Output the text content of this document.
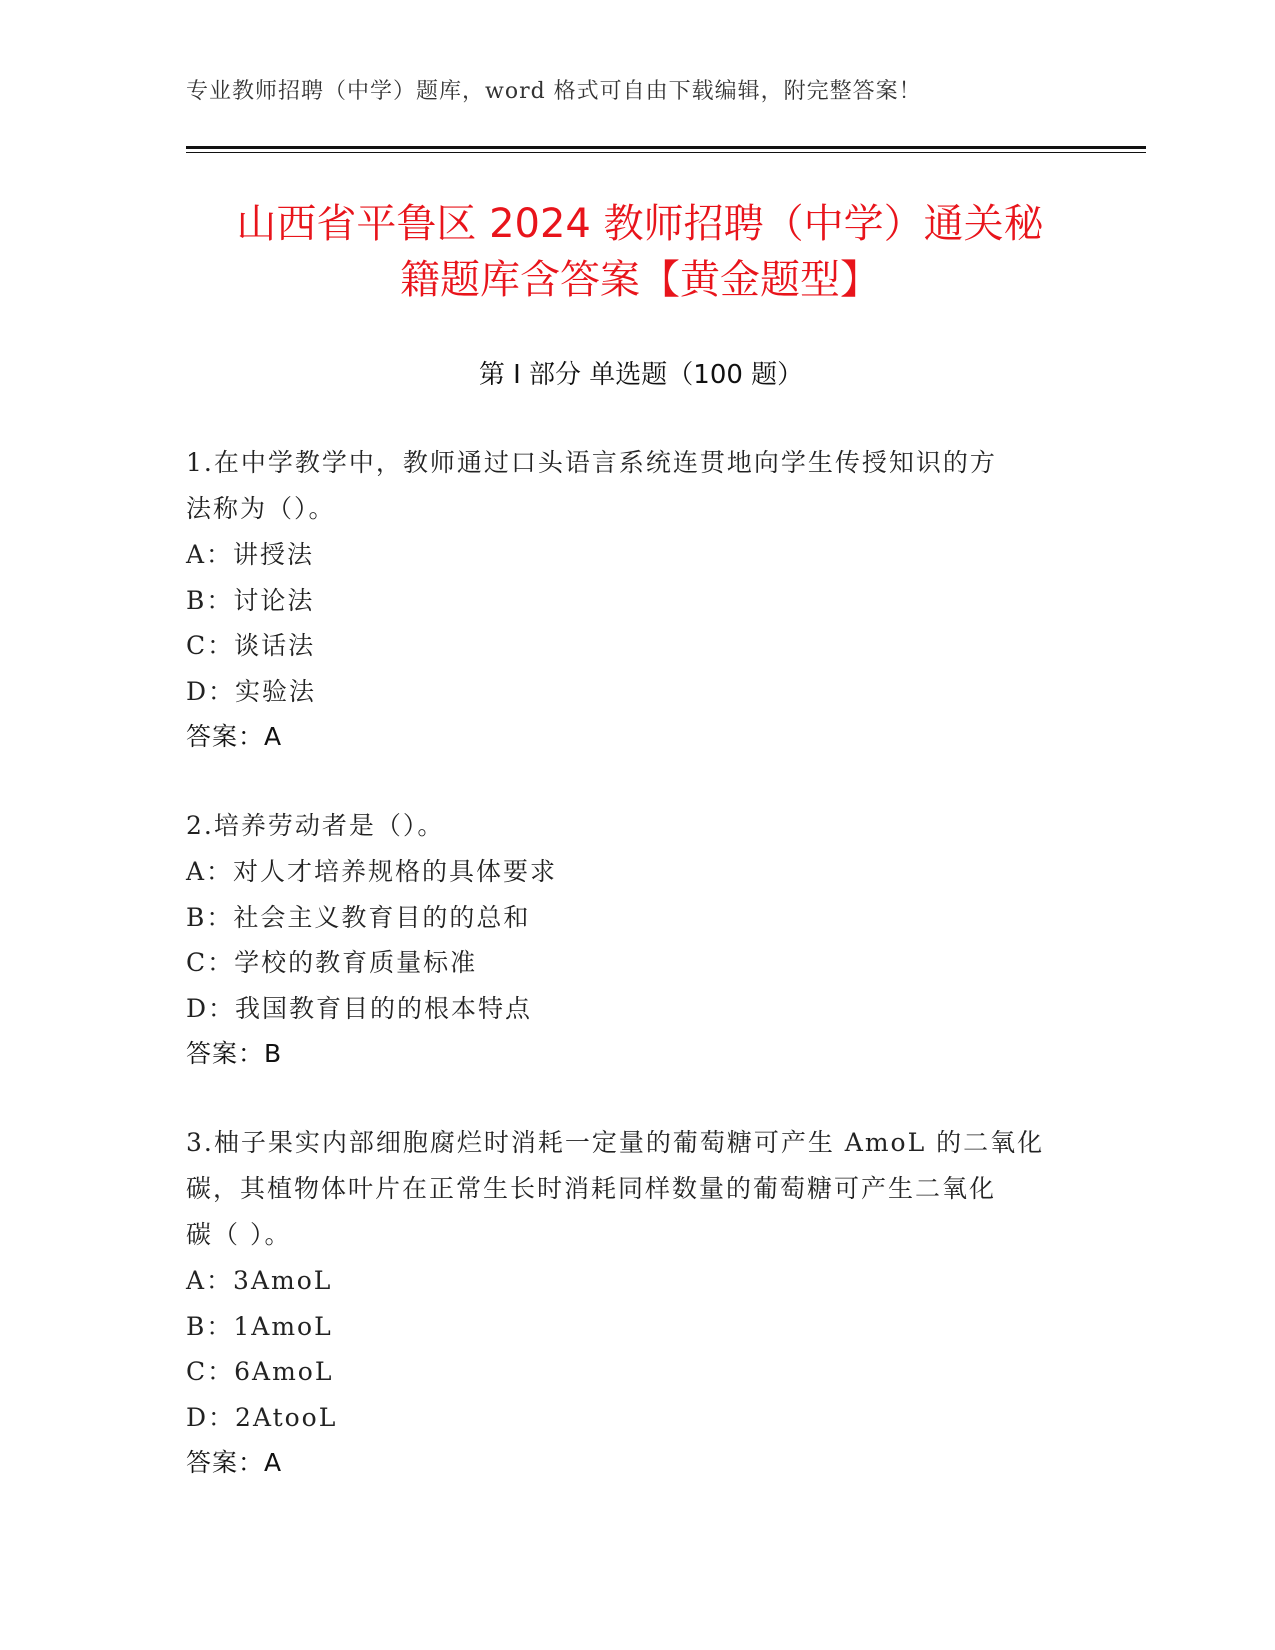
专业教师招聘（中学）题库，word 格式可自由下载编辑，附完整答案！
山西省平鲁区 2024 教师招聘（中学）通关秘
籍题库含答案【黄金题型】
第 I 部分 单选题（100 题）
1.在中学教学中，教师通过口头语言系统连贯地向学生传授知识的方
法称为（）。
A：讲授法
B：讨论法
C：谈话法
D：实验法
答案：A
2.培养劳动者是（）。
A：对人才培养规格的具体要求
B：社会主义教育目的的总和
C：学校的教育质量标准
D：我国教育目的的根本特点
答案：B
3.柚子果实内部细胞腐烂时消耗一定量的葡萄糖可产生 AmoL 的二氧化
碳，其植物体叶片在正常生长时消耗同样数量的葡萄糖可产生二氧化
碳（ ）。
A：3AmoL
B：1AmoL
C：6AmoL
D：2AtooL
答案：A
